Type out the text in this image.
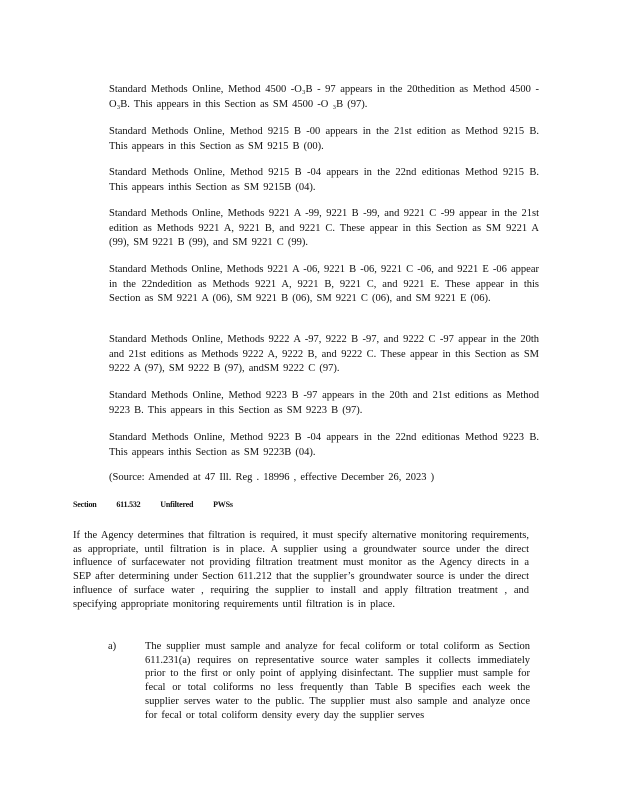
Standard Methods Online, Method 4500 -O₃B - 97 appears in the 20thedition as Method 4500 -O₃B. This appears in this Section as SM 4500 -O ₃B (97).

Standard Methods Online, Method 9215 B -00 appears in the 21st edition as Method 9215 B. This appears in this Section as SM 9215 B (00).

Standard Methods Online, Method 9215 B -04 appears in the 22nd editionas Method 9215 B. This appears inthis Section as SM 9215B (04).

Standard Methods Online, Methods 9221 A -99, 9221 B -99, and 9221 C -99 appear in the 21st edition as Methods 9221 A, 9221 B, and 9221 C. These appear in this Section as SM 9221 A (99), SM 9221 B (99), and SM 9221 C (99).

Standard Methods Online, Methods 9221 A -06, 9221 B -06, 9221 C -06, and 9221 E -06 appear in the 22ndedition as Methods 9221 A, 9221 B, 9221 C, and 9221 E. These appear in this Section as SM 9221 A (06), SM 9221 B (06), SM 9221 C (06), and SM 9221 E (06).

Standard Methods Online, Methods 9222 A -97, 9222 B -97, and 9222 C -97 appear in the 20th and 21st editions as Methods 9222 A, 9222 B, and 9222 C. These appear in this Section as SM 9222 A (97), SM 9222 B (97), andSM 9222 C (97).

Standard Methods Online, Method 9223 B -97 appears in the 20th and 21st editions as Method 9223 B. This appears in this Section as SM 9223 B (97).

Standard Methods Online, Method 9223 B -04 appears in the 22nd editionas Method 9223 B. This appears inthis Section as SM 9223B (04).

(Source: Amended at 47 Ill. Reg . 18996 , effective December 26, 2023 )

Section 611.532 Unfiltered PWSs

If the Agency determines that filtration is required, it must specify alternative monitoring requirements, as appropriate, until filtration is in place. A supplier using a groundwater source under the direct influence of surfacewater not providing filtration treatment must monitor as the Agency directs in a SEP after determining under Section 611.212 that the supplier’s groundwater source is under the direct influence of surface water , requiring the supplier to install and apply filtration treatment , and specifying appropriate monitoring requirements until filtration is in place.

a)	The supplier must sample and analyze for fecal coliform or total coliform as Section 611.231(a) requires on representative source water samples it collects immediately prior to the first or only point of applying disinfectant. The supplier must sample for fecal or total coliforms no less frequently than Table B specifies each week the supplier serves water to the public. The supplier must also sample and analyze once for fecal or total coliform density every day the supplier serves
